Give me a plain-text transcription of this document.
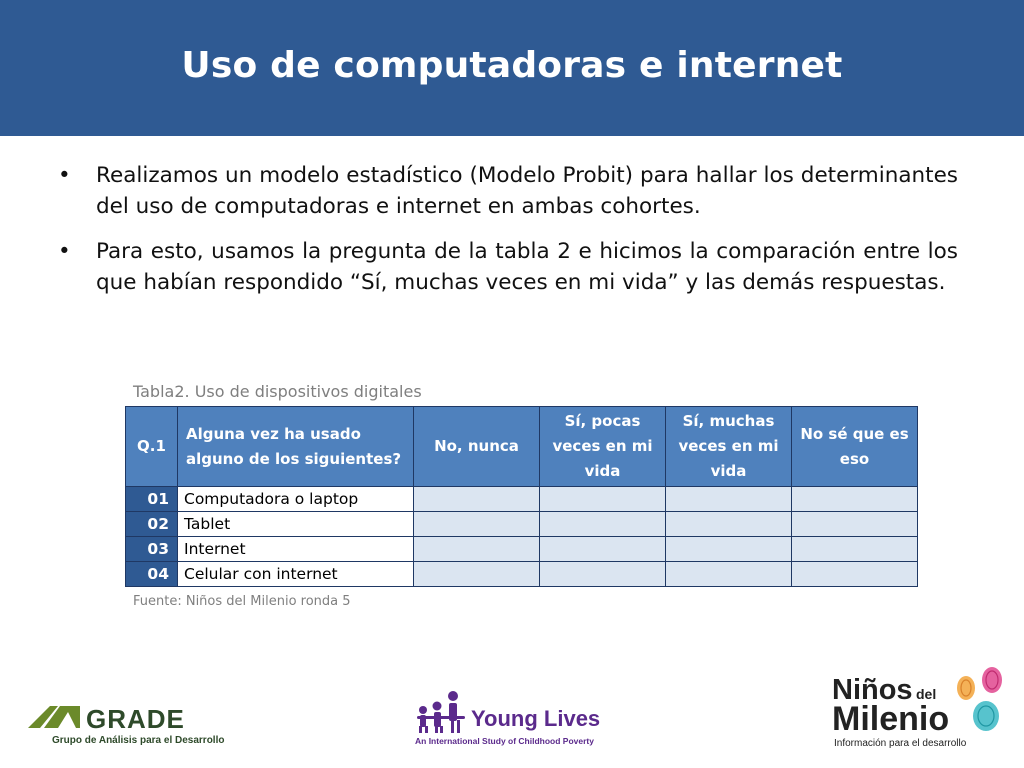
Uso de computadoras e internet
• Realizamos un modelo estadístico (Modelo Probit) para hallar los determinantes del uso de computadoras e internet en ambas cohortes.
• Para esto, usamos la pregunta de la tabla 2 e hicimos la comparación entre los que habían respondido “Sí, muchas veces en mi vida” y las demás respuestas.
Tabla2. Uso de dispositivos digitales
Q.1	Alguna vez ha usado alguno de los siguientes?	No, nunca	Sí, pocas veces en mi vida	Sí, muchas veces en mi vida	No sé que es eso
01	Computadora o laptop				
02	Tablet				
03	Internet				
04	Celular con internet				
Fuente: Niños del Milenio ronda 5
GRADE
Grupo de Análisis para el Desarrollo
Young Lives
An International Study of Childhood Poverty
Niños del
Milenio
Información para el desarrollo
